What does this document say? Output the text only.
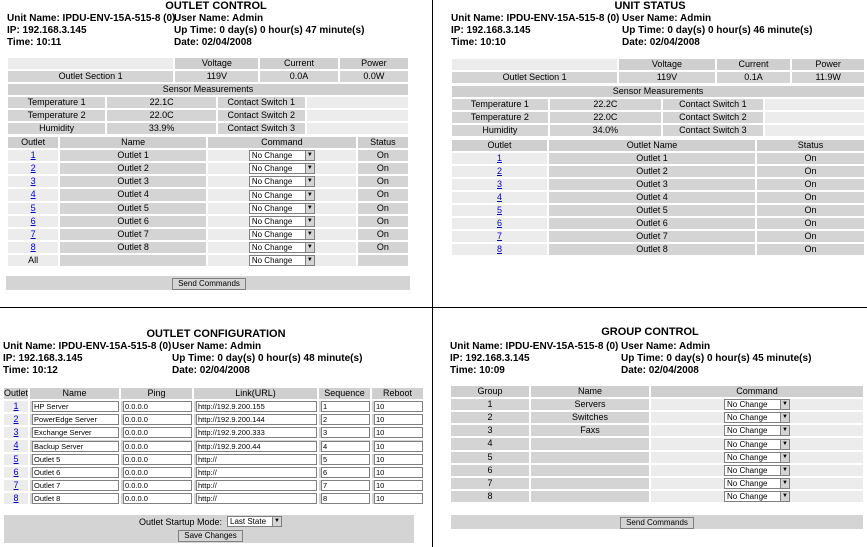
OUTLET CONTROL
Unit Name: IPDU-ENV-15A-515-8 (0)
User Name: Admin
IP: 192.168.3.145	Up Time: 0 day(s) 0 hour(s) 47 minute(s)
Time: 10:11	Date: 02/04/2008
	Voltage	Current	Power
Outlet Section 1	119V	0.0A	0.0W
Sensor Measurements			
Temperature 1	22.1C	Contact Switch 1	
Temperature 2	22.0C	Contact Switch 2	
Humidity	33.9%	Contact Switch 3	
Outlet	Name	Command	Status
1	Outlet 1	No Change ▼	On
2	Outlet 2	No Change ▼	On
3	Outlet 3	No Change ▼	On
4	Outlet 4	No Change ▼	On
5	Outlet 5	No Change ▼	On
6	Outlet 6	No Change ▼	On
7	Outlet 7	No Change ▼	On
8	Outlet 8	No Change ▼	On
All		No Change ▼	

Send Commands
UNIT STATUS
Unit Name: IPDU-ENV-15A-515-8 (0) User Name: Admin
IP: 192.168.3.145	Up Time: 0 day(s) 0 hour(s) 46 minute(s)
Time: 10:10	Date: 02/04/2008
	Voltage	Current	Power
Outlet Section 1	119V	0.1A	11.9W
Sensor Measurements			
Temperature 1	22.2C	Contact Switch 1	
Temperature 2	22.0C	Contact Switch 2	
Humidity	34.0%	Contact Switch 3	
Outlet	Outlet Name	Status
1	Outlet 1	On
2	Outlet 2	On
3	Outlet 3	On
4	Outlet 4	On
5	Outlet 5	On
6	Outlet 6	On
7	Outlet 7	On
8	Outlet 8	On
OUTLET CONFIGURATION
Unit Name: IPDU-ENV-15A-515-8 (0) User Name: Admin
IP: 192.168.3.145	Up Time: 0 day(s) 0 hour(s) 48 minute(s)
Time: 10:12	Date: 02/04/2008
Outlet	Name	Ping	Link(URL)	Sequence	Reboot
1	HP Server	0.0.0.0	http://192.9.200.155	1	10
2	PowerEdge Server	0.0.0.0	http://192.9.200.144	2	10
3	Exchange Server	0.0.0.0	http://192.9.200.333	3	10
4	Backup Server	0.0.0.0	http://192.9.200.44	4	10
5	Outlet 5	0.0.0.0	http://	5	10
6	Outlet 6	0.0.0.0	http://	6	10
7	Outlet 7	0.0.0.0	http://	7	10
8	Outlet 8	0.0.0.0	http://	8	10
Outlet Startup Mode: Last State	▼
Save Changes
GROUP CONTROL
Unit Name: IPDU-ENV-15A-515-8 (0) User Name: Admin
IP: 192.168.3.145	Up Time: 0 day(s) 0 hour(s) 45 minute(s)
Time: 10:09	Date: 02/04/2008
Group	Name	Command
1	Servers	No Change ▼

2	Switches	No Change ▼

3	Faxs	No Change ▼

4		No Change ▼

5		No Change ▼

6		No Change ▼

7		No Change ▼

8		No Change ▼
Send Commands
